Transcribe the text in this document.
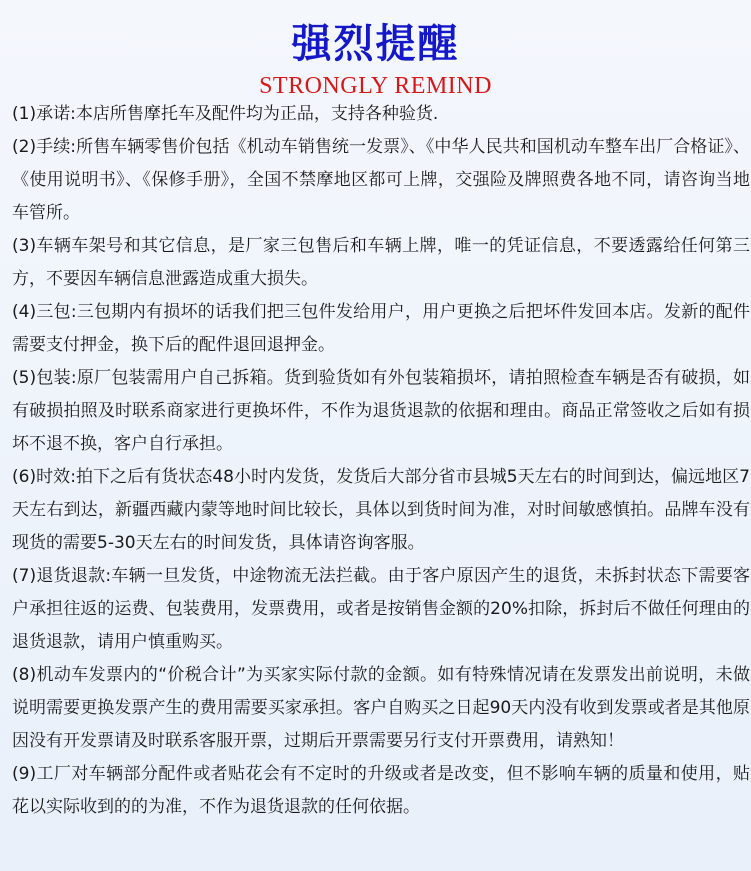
强烈提醒
STRONGLY REMIND
(1)承诺:本店所售摩托车及配件均为正品，支持各种验货.
(2)手续:所售车辆零售价包括《机动车销售统一发票》、《中华人民共和国机动车整车出厂合格证》、《使用说明书》、《保修手册》，全国不禁摩地区都可上牌，交强险及牌照费各地不同，请咨询当地车管所。
(3)车辆车架号和其它信息，是厂家三包售后和车辆上牌，唯一的凭证信息，不要透露给任何第三方，不要因车辆信息泄露造成重大损失。
(4)三包:三包期内有损坏的话我们把三包件发给用户，用户更换之后把坏件发回本店。发新的配件需要支付押金，换下后的配件退回退押金。
(5)包装:原厂包装需用户自己拆箱。货到验货如有外包装箱损坏，请拍照检查车辆是否有破损，如有破损拍照及时联系商家进行更换坏件，不作为退货退款的依据和理由。商品正常签收之后如有损坏不退不换，客户自行承担。
(6)时效:拍下之后有货状态48小时内发货，发货后大部分省市县城5天左右的时间到达，偏远地区7天左右到达，新疆西藏内蒙等地时间比较长，具体以到货时间为准，对时间敏感慎拍。品牌车没有现货的需要5-30天左右的时间发货，具体请咨询客服。
(7)退货退款:车辆一旦发货，中途物流无法拦截。由于客户原因产生的退货，未拆封状态下需要客户承担往返的运费、包装费用，发票费用，或者是按销售金额的20%扣除，拆封后不做任何理由的退货退款，请用户慎重购买。
(8)机动车发票内的“价税合计”为买家实际付款的金额。如有特殊情况请在发票发出前说明，未做说明需要更换发票产生的费用需要买家承担。客户自购买之日起90天内没有收到发票或者是其他原因没有开发票请及时联系客服开票，过期后开票需要另行支付开票费用，请熟知！
(9)工厂对车辆部分配件或者贴花会有不定时的升级或者是改变，但不影响车辆的质量和使用，贴花以实际收到的的为准，不作为退货退款的任何依据。
